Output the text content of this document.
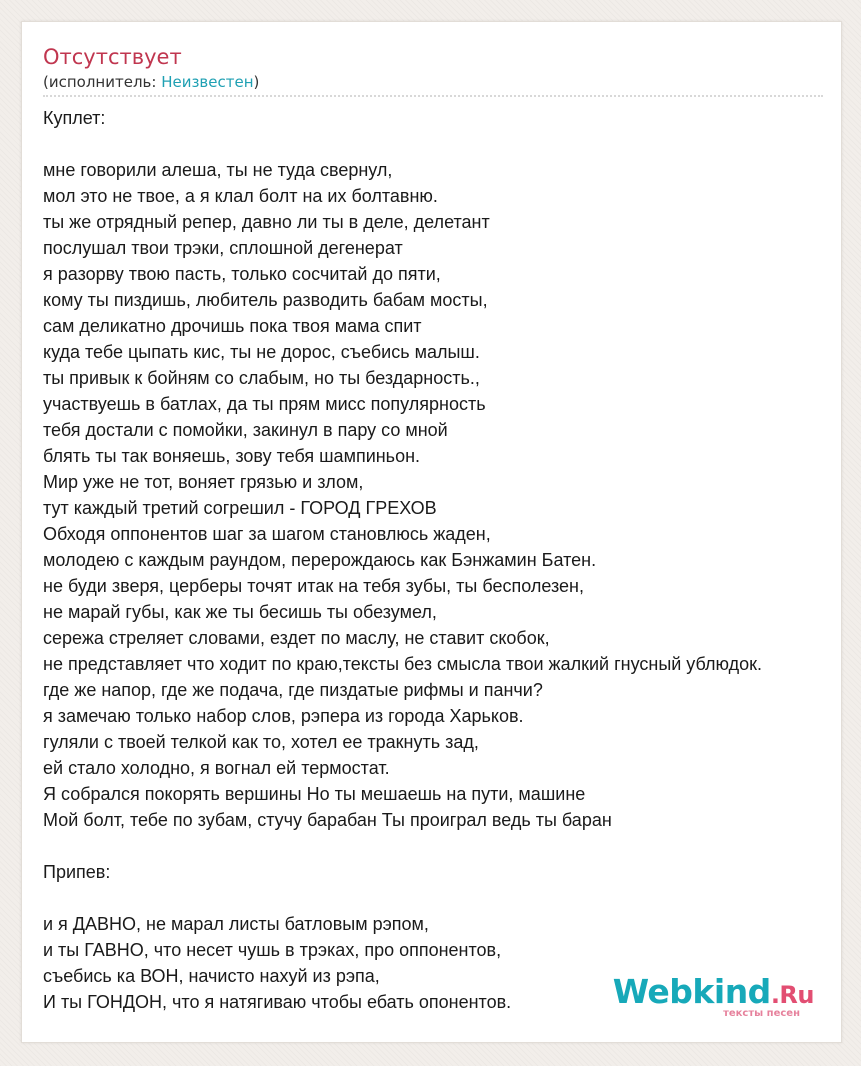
Отсутствует
(исполнитель: Неизвестен)
Куплет:
мне говорили алеша, ты не туда свернул,
мол это не твое, а я клал болт на их болтавню.
ты же отрядный репер, давно ли ты в деле, делетант
послушал твои трэки, сплошной дегенерат
я разорву твою пасть, только сосчитай до пяти,
кому ты пиздишь, любитель разводить бабам мосты,
сам деликатно дрочишь пока твоя мама спит
куда тебе цыпать кис, ты не дорос, съебись малыш.
ты привык к бойням со слабым, но ты бездарность.,
участвуешь в батлах, да ты прям мисс популярность
тебя достали с помойки, закинул в пару со мной
блять ты так воняешь, зову тебя шампиньон.
Мир уже не тот, воняет грязью и злом,
тут каждый третий согрешил - ГОРОД ГРЕХОВ
Обходя оппонентов шаг за шагом становлюсь жаден,
молодею с каждым раундом, перерождаюсь как Бэнжамин Батен.
не буди зверя, церберы точят итак на тебя зубы, ты бесполезен,
не марай губы, как же ты бесишь ты обезумел,
сережа стреляет словами, ездет по маслу, не ставит скобок,
не представляет что ходит по краю,тексты без смысла твои жалкий гнусный ублюдок.
где же напор, где же подача, где пиздатые рифмы и панчи?
я замечаю только набор слов, рэпера из города Харьков.
гуляли с твоей телкой как то, хотел ее тракнуть зад,
ей стало холодно, я вогнал ей термостат.
Я собрался покорять вершины Но ты мешаешь на пути, машине
Мой болт, тебе по зубам, стучу барабан Ты проиграл ведь ты баран
Припев:
и я ДАВНО, не марал листы батловым рэпом,
и ты ГАВНО, что несет чушь в трэках, про оппонентов,
съебись ка ВОН, начисто нахуй из рэпа,
И ты ГОНДОН, что я натягиваю чтобы ебать опонентов.	Webkind.Ru
тексты песен
